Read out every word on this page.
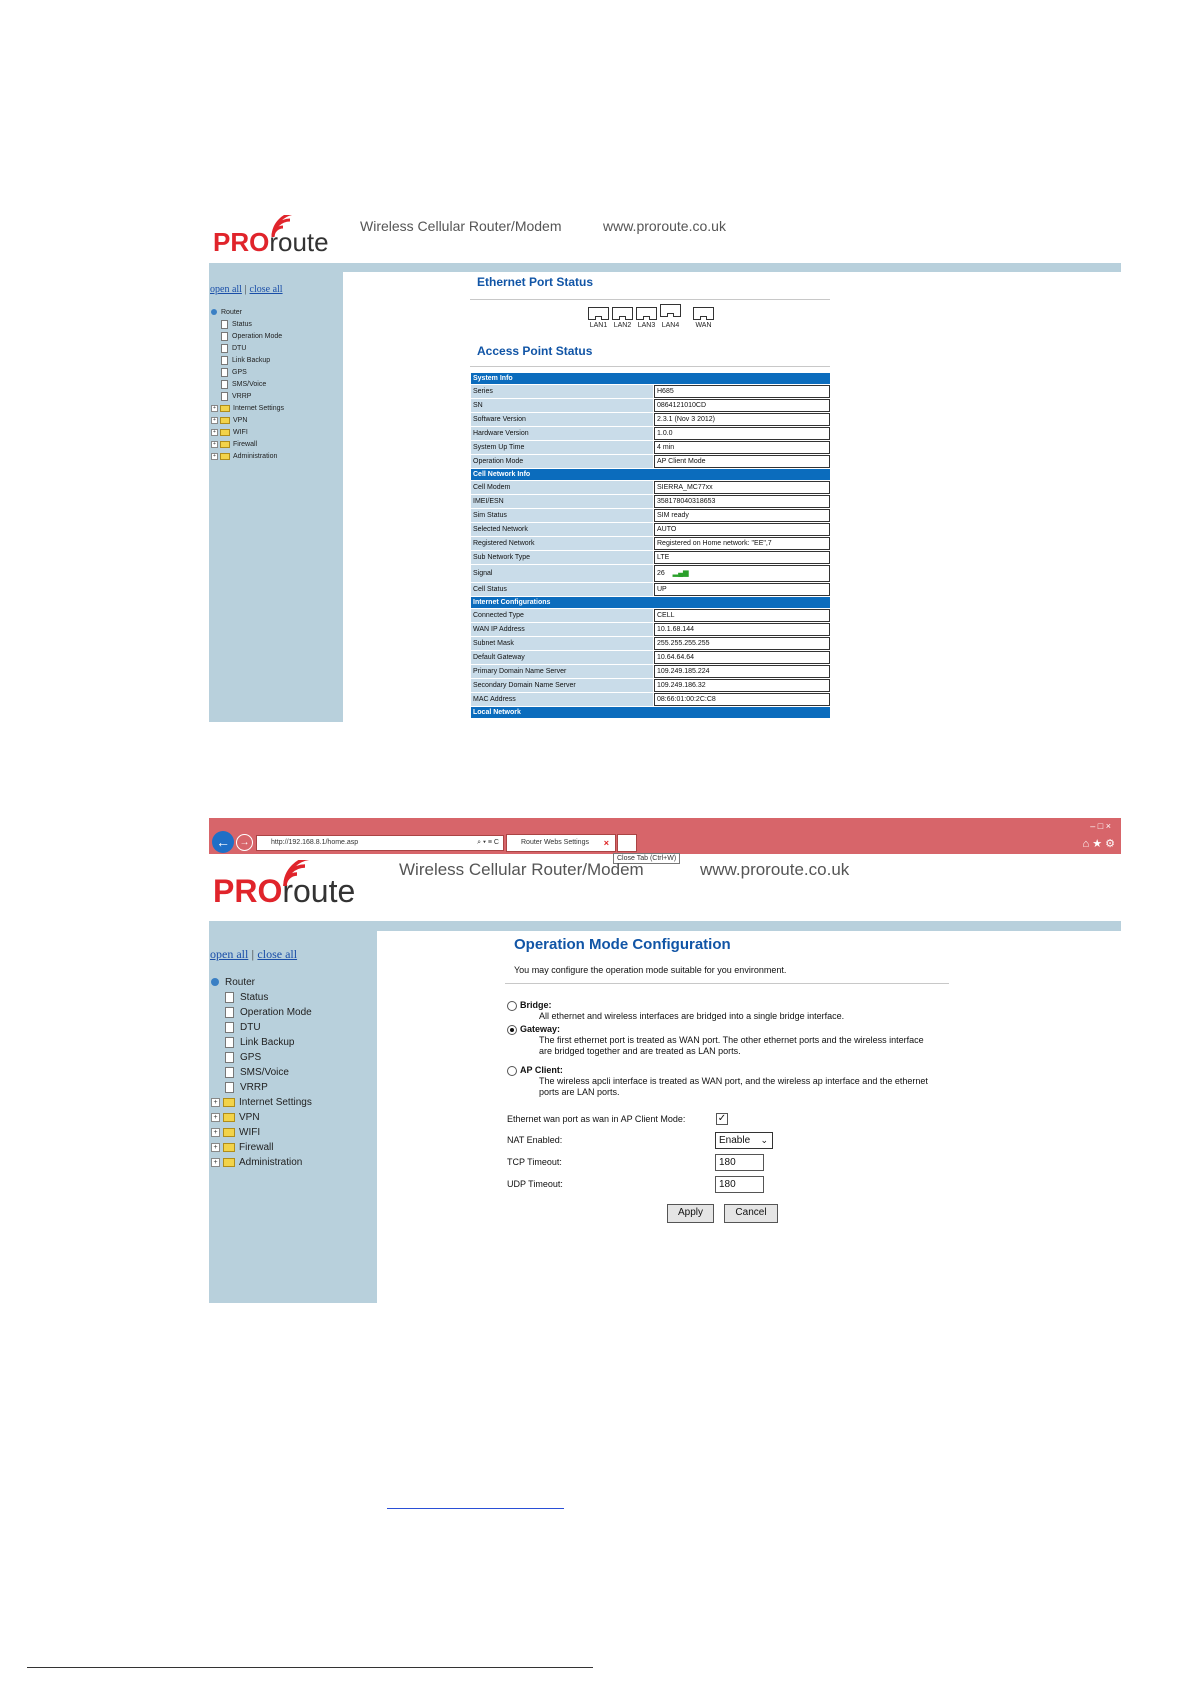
PROroute
Wireless Cellular Router/Modem	www.proroute.co.uk
open all | close all
Router
Status
Operation Mode
DTU
Link Backup
GPS
SMS/Voice
VRRP
+ Internet Settings
+ VPN
+ WIFI
+ Firewall
+ Administration
Ethernet Port Status
LAN1 LAN2 LAN3 LAN4 WAN
Access Point Status
System Info	
Series	H685
SN	0864121010CD
Software Version	2.3.1 (Nov 3 2012)
Hardware Version	1.0.0
System Up Time	4 min
Operation Mode	AP Client Mode
Cell Network Info	
Cell Modem	SIERRA_MC77xx
IMEI/ESN	358178040318653
Sim Status	SIM ready
Selected Network	AUTO
Registered Network	Registered on Home network: "EE",7
Sub Network Type	LTE
Signal	26 ▂▄▆
Cell Status	UP
Internet Configurations	
Connected Type	CELL
WAN IP Address	10.1.68.144
Subnet Mask	255.255.255.255
Default Gateway	10.64.64.64
Primary Domain Name Server	109.249.185.224
Secondary Domain Name Server	109.249.186.32
MAC Address	08:66:01:00:2C:C8
Local Network	
← →	http://192.168.8.1/home.asp	⌕ ▾ ≡ C	Router Webs Settings ×
– □ ×
⌂ ★ ⚙
Close Tab (Ctrl+W)
PROroute
Wireless Cellular Router/Modem	www.proroute.co.uk
open all | close all
Router
Status
Operation Mode
DTU
Link Backup
GPS
SMS/Voice
VRRP
+ Internet Settings
+ VPN
+ WIFI
+ Firewall
+ Administration
Operation Mode Configuration
You may configure the operation mode suitable for you environment.
Bridge:
All ethernet and wireless interfaces are bridged into a single bridge interface.
Gateway:
The first ethernet port is treated as WAN port. The other ethernet ports and the wireless interface are bridged together and are treated as LAN ports.
AP Client:
The wireless apcli interface is treated as WAN port, and the wireless ap interface and the ethernet ports are LAN ports.
Ethernet wan port as wan in AP Client Mode:	✓
NAT Enabled:	Enable ⌄
TCP Timeout:	180
UDP Timeout:	180
Apply	Cancel
